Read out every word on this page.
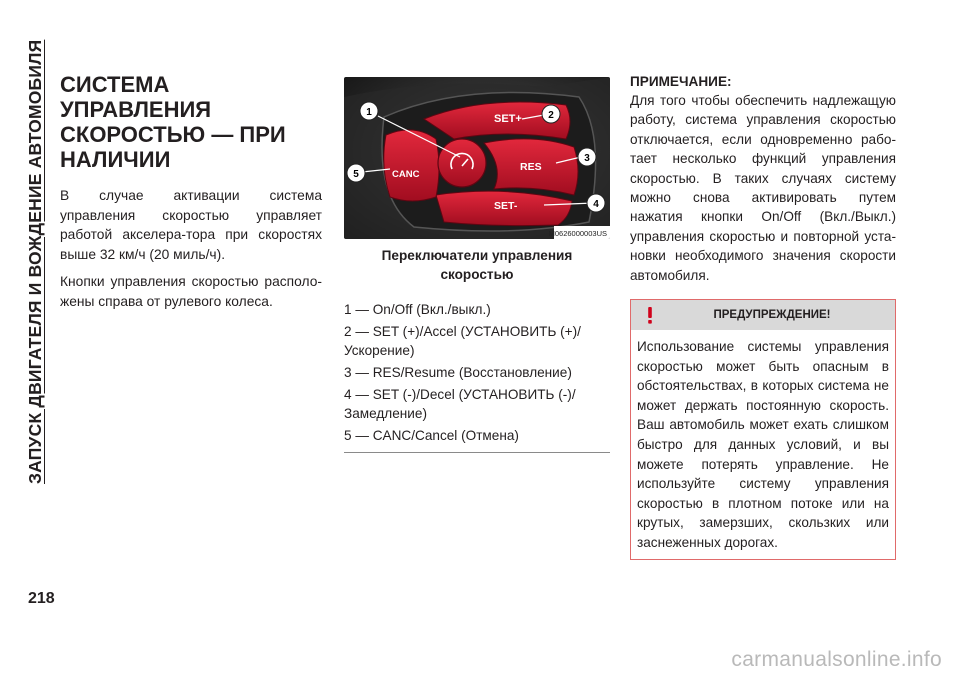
ЗАПУСК ДВИГАТЕЛЯ И ВОЖДЕНИЕ АВТОМОБИЛЯ
218
СИСТЕМА УПРАВЛЕНИЯ
СКОРОСТЬЮ — ПРИ
НАЛИЧИИ

В случае активации система управления скоростью управляет работой акселера-тора при скоростях выше 32 км/ч (20 миль/ч).

Кнопки управления скоростью располо-жены справа от рулевого колеса.

SET+
RES
SET-
CANC
1	2
3
4
5
M0626000003US
Переключатели управления скоростью

1 — On/Off (Вкл./выкл.)

2 — SET (+)/Accel (УСТАНОВИТЬ (+)/ Ускорение)

3 — RES/Resume (Восстановление)

4 — SET (-)/Decel (УСТАНОВИТЬ (-)/ Замедление)

5 — CANC/Cancel (Отмена)

ПРИМЕЧАНИЕ:

Для того чтобы обеспечить надлежащую работу, система управления скоростью отключается, если одновременно рабо-тает несколько функций управления скоростью. В таких случаях систему можно снова активировать путем нажатия кнопки On/Off (Вкл./Выкл.) управления скоростью и повторной уста-новки необходимого значения скорости автомобиля.

ПРЕДУПРЕЖДЕНИЕ!

Использование системы управления скоростью может быть опасным в обстоятельствах, в которых система не может держать постоянную скорость. Ваш автомобиль может ехать слишком быстро для данных условий, и вы можете потерять управление. Не используйте систему управления скоростью в плотном потоке или на крутых, замерзших, скользких или заснеженных дорогах.

carmanualsonline.info
